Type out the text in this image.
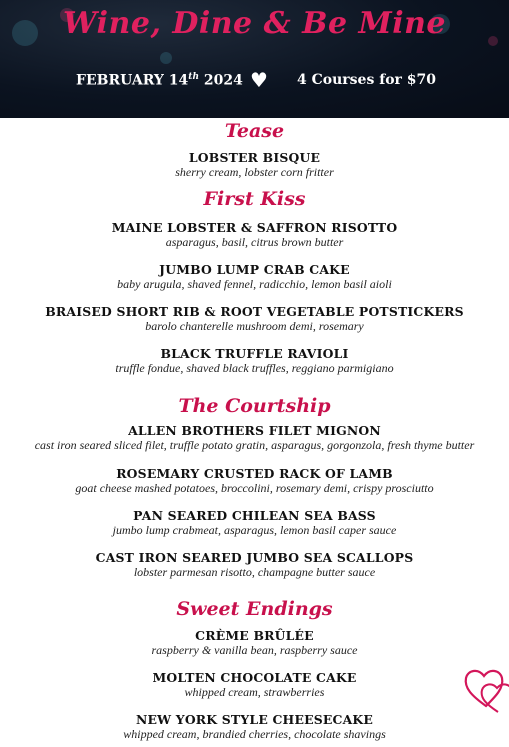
Wine, Dine & Be Mine
FEBRUARY 14th 2024 ♥ 4 Courses for $70
Tease
LOBSTER BISQUE
sherry cream, lobster corn fritter
First Kiss
MAINE LOBSTER & SAFFRON RISOTTO
asparagus, basil, citrus brown butter
JUMBO LUMP CRAB CAKE
baby arugula, shaved fennel, radicchio, lemon basil aioli
BRAISED SHORT RIB & ROOT VEGETABLE POTSTICKERS
barolo chanterelle mushroom demi, rosemary
BLACK TRUFFLE RAVIOLI
truffle fondue, shaved black truffles, reggiano parmigiano
The Courtship
ALLEN BROTHERS FILET MIGNON
cast iron seared sliced filet, truffle potato gratin, asparagus, gorgonzola, fresh thyme butter
ROSEMARY CRUSTED RACK OF LAMB
goat cheese mashed potatoes, broccolini, rosemary demi, crispy prosciutto
PAN SEARED CHILEAN SEA BASS
jumbo lump crabmeat, asparagus, lemon basil caper sauce
CAST IRON SEARED JUMBO SEA SCALLOPS
lobster parmesan risotto, champagne butter sauce
Sweet Endings
CRÈME BRÛLÉE
raspberry & vanilla bean, raspberry sauce
MOLTEN CHOCOLATE CAKE
whipped cream, strawberries
NEW YORK STYLE CHEESECAKE
whipped cream, brandied cherries, chocolate shavings
